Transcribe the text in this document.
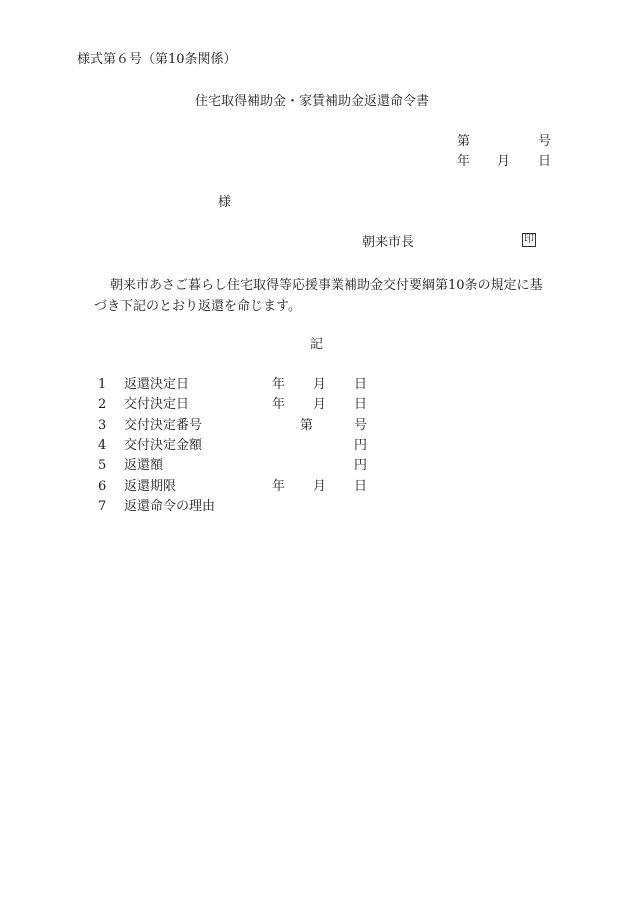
様式第６号（第10条関係）
住宅取得補助金・家賃補助金返還命令書
第	号
年 月 日
様
朝来市長	印
朝来市あさご暮らし住宅取得等応援事業補助金交付要綱第10条の規定に基づき下記のとおり返還を命じます。
記
1 返還決定日	年 月 日
2 交付決定日	年 月 日
3 交付決定番号	第	号
4 交付決定金額	円
5 返還額	円
6 返還期限	年 月 日
7 返還命令の理由
